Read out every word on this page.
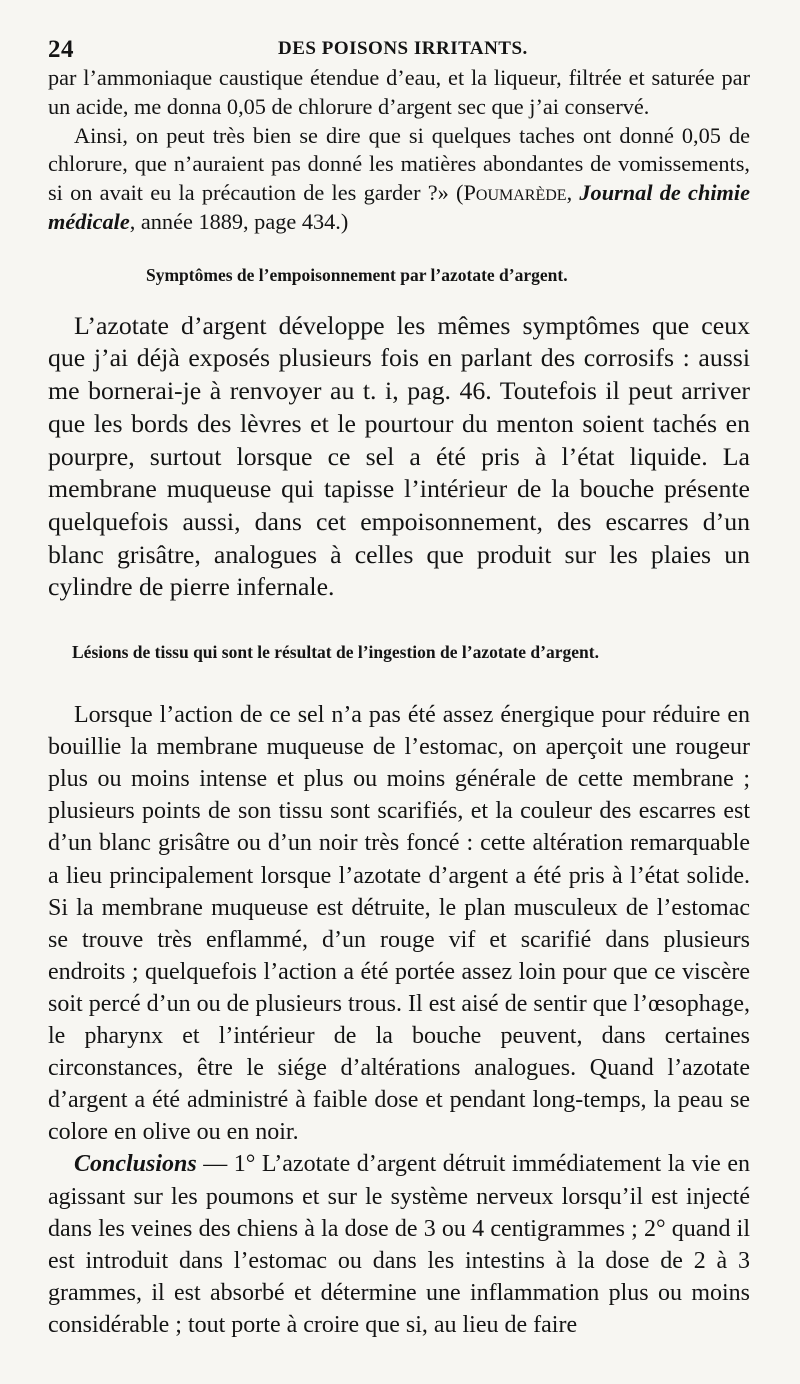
24	DES POISONS IRRITANTS.

par l’ammoniaque caustique étendue d’eau, et la liqueur, filtrée et saturée par un acide, me donna 0,05 de chlorure d’argent sec que j’ai conservé.

Ainsi, on peut très bien se dire que si quelques taches ont donné 0,05 de chlorure, que n’auraient pas donné les matières abondantes de vomissements, si on avait eu la précaution de les garder ?» (Poumarède, Journal de chimie médicale, année 1889, page 434.)

Symptômes de l’empoisonnement par l’azotate d’argent.

L’azotate d’argent développe les mêmes symptômes que ceux que j’ai déjà exposés plusieurs fois en parlant des corrosifs : aussi me bornerai-je à renvoyer au t. i, pag. 46. Toutefois il peut arriver que les bords des lèvres et le pourtour du menton soient tachés en pourpre, surtout lorsque ce sel a été pris à l’état liquide. La membrane muqueuse qui tapisse l’intérieur de la bouche présente quelquefois aussi, dans cet empoisonnement, des escarres d’un blanc grisâtre, analogues à celles que produit sur les plaies un cylindre de pierre infernale.

Lésions de tissu qui sont le résultat de l’ingestion de l’azotate d’argent.

Lorsque l’action de ce sel n’a pas été assez énergique pour réduire en bouillie la membrane muqueuse de l’estomac, on aperçoit une rougeur plus ou moins intense et plus ou moins générale de cette membrane ; plusieurs points de son tissu sont scarifiés, et la couleur des escarres est d’un blanc grisâtre ou d’un noir très foncé : cette altération remarquable a lieu principalement lorsque l’azotate d’argent a été pris à l’état solide. Si la membrane muqueuse est détruite, le plan musculeux de l’estomac se trouve très enflammé, d’un rouge vif et scarifié dans plusieurs endroits ; quelquefois l’action a été portée assez loin pour que ce viscère soit percé d’un ou de plusieurs trous. Il est aisé de sentir que l’œsophage, le pharynx et l’intérieur de la bouche peuvent, dans certaines circonstances, être le siége d’altérations analogues. Quand l’azotate d’argent a été administré à faible dose et pendant long-temps, la peau se colore en olive ou en noir.

Conclusions — 1° L’azotate d’argent détruit immédiatement la vie en agissant sur les poumons et sur le système nerveux lorsqu’il est injecté dans les veines des chiens à la dose de 3 ou 4 centigrammes ; 2° quand il est introduit dans l’estomac ou dans les intestins à la dose de 2 à 3 grammes, il est absorbé et détermine une inflammation plus ou moins considérable ; tout porte à croire que si, au lieu de faire
